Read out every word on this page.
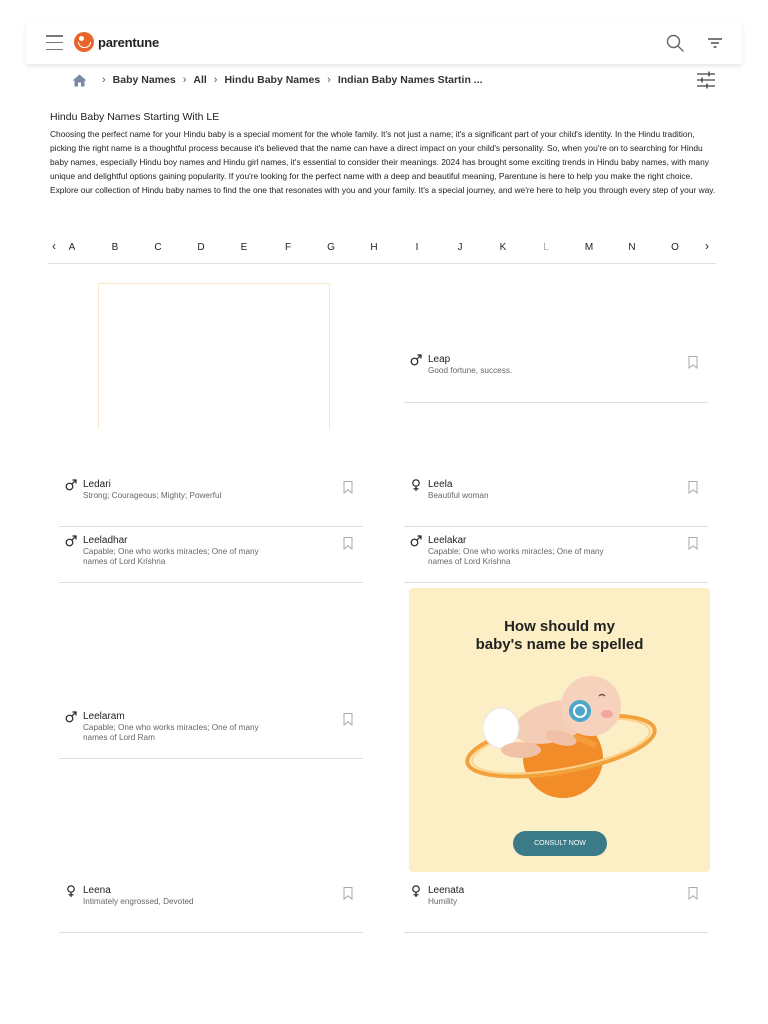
parentune
› Baby Names › All › Hindu Baby Names › Indian Baby Names Startin ...
Hindu Baby Names Starting With LE

Choosing the perfect name for your Hindu baby is a special moment for the whole family. It's not just a name; it's a significant part of your child's identity. In the Hindu tradition, picking the right name is a thoughtful process because it's believed that the name can have a direct impact on your child's personality. So, when you're on to searching for Hindu baby names, especially Hindu boy names and Hindu girl names, it's essential to consider their meanings. 2024 has brought some exciting trends in Hindu baby names, with many unique and delightful options gaining popularity. If you're looking for the perfect name with a deep and beautiful meaning, Parentune is here to help you make the right choice. Explore our collection of Hindu baby names to find the one that resonates with you and your family. It's a special journey, and we're here to help you through every step of your way.

‹	A	B	C	D	E	F	G	H	I	J	K	L	M	N	O ›
Leap
Good fortune, success.
Ledari
Strong; Courageous; Mighty; Powerful
Leela
Beautiful woman
Leeladhar
Capable; One who works miracles; One of many names of Lord Krishna
Leelakar
Capable; One who works miracles; One of many names of Lord Krishna
Leelaram
Capable; One who works miracles; One of many names of Lord Ram
Leena
Intimately engrossed, Devoted
Leenata
Humility
How should my
baby's name be spelled
CONSULT NOW
